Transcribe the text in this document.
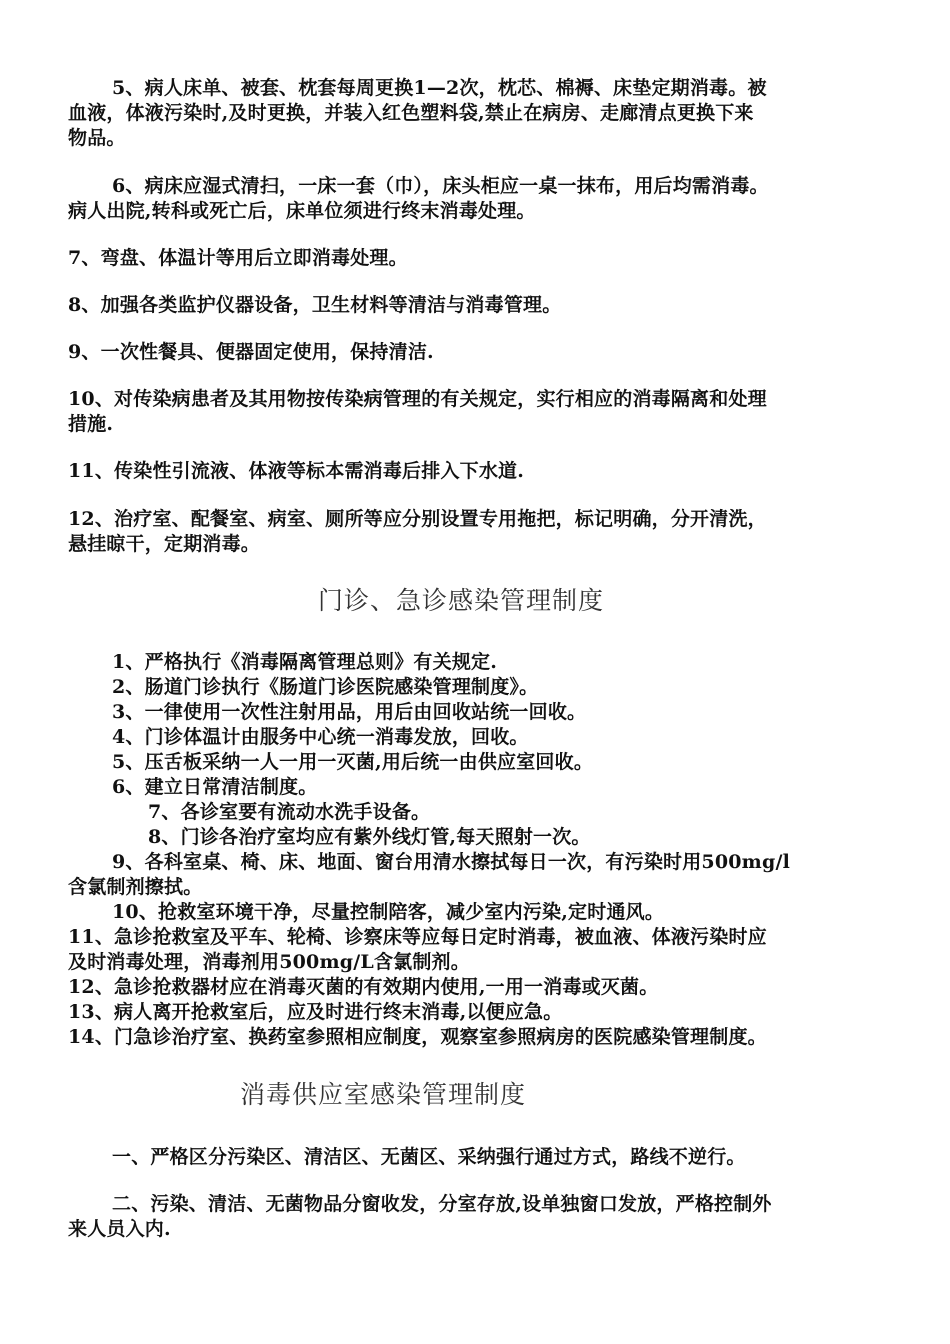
5、病人床单、被套、枕套每周更换1—2次，枕芯、棉褥、床垫定期消毒。被
血液，体液污染时,及时更换，并装入红色塑料袋,禁止在病房、走廊清点更换下来
物品。
6、病床应湿式清扫，一床一套（巾），床头柜应一桌一抹布，用后均需消毒。
病人出院,转科或死亡后，床单位须进行终末消毒处理。
7、弯盘、体温计等用后立即消毒处理。
8、加强各类监护仪器设备，卫生材料等清洁与消毒管理。
9、一次性餐具、便器固定使用，保持清洁.
10、对传染病患者及其用物按传染病管理的有关规定，实行相应的消毒隔离和处理
措施.
11、传染性引流液、体液等标本需消毒后排入下水道.
12、治疗室、配餐室、病室、厕所等应分别设置专用拖把，标记明确，分开清洗，
悬挂晾干，定期消毒。
门诊、急诊感染管理制度
1、严格执行《消毒隔离管理总则》有关规定.
2、肠道门诊执行《肠道门诊医院感染管理制度》。
3、一律使用一次性注射用品，用后由回收站统一回收。
4、门诊体温计由服务中心统一消毒发放，回收。
5、压舌板采纳一人一用一灭菌,用后统一由供应室回收。
6、建立日常清洁制度。
7、各诊室要有流动水洗手设备。
8、门诊各治疗室均应有紫外线灯管,每天照射一次。
9、各科室桌、椅、床、地面、窗台用清水擦拭每日一次，有污染时用500mg/l
含氯制剂擦拭。
10、抢救室环境干净，尽量控制陪客，减少室内污染,定时通风。
11、急诊抢救室及平车、轮椅、诊察床等应每日定时消毒，被血液、体液污染时应
及时消毒处理，消毒剂用500mg/L含氯制剂。
12、急诊抢救器材应在消毒灭菌的有效期内使用,一用一消毒或灭菌。
13、病人离开抢救室后，应及时进行终末消毒,以便应急。
14、门急诊治疗室、换药室参照相应制度，观察室参照病房的医院感染管理制度。
消毒供应室感染管理制度
一、严格区分污染区、清洁区、无菌区、采纳强行通过方式，路线不逆行。
二、污染、清洁、无菌物品分窗收发，分室存放,设单独窗口发放，严格控制外
来人员入内.
